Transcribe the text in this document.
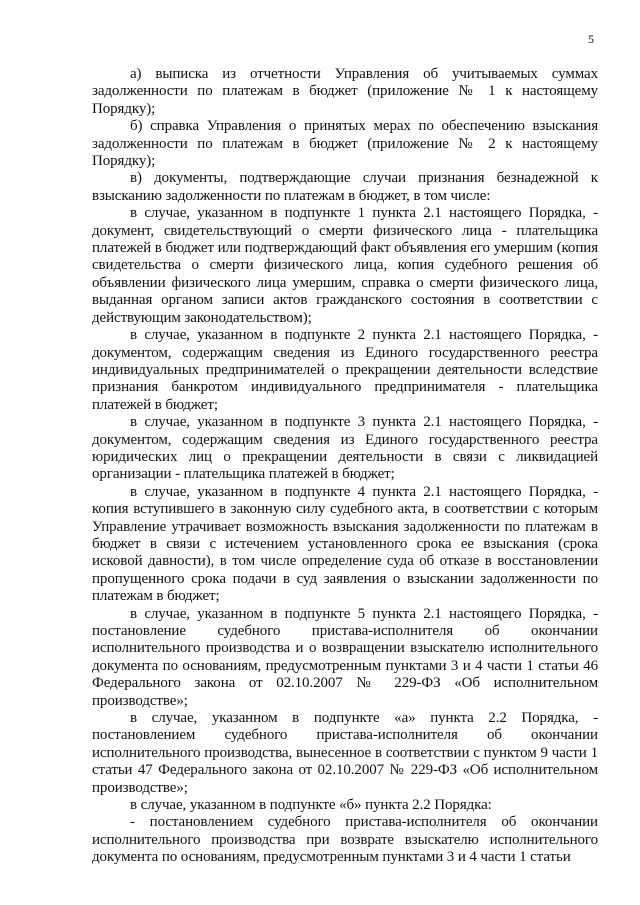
5

а) выписка из отчетности Управления об учитываемых суммах задолженности по платежам в бюджет (приложение № 1 к настоящему Порядку);

б) справка Управления о принятых мерах по обеспечению взыскания задолженности по платежам в бюджет (приложение № 2 к настоящему Порядку);

в) документы, подтверждающие случаи признания безнадежной к взысканию задолженности по платежам в бюджет, в том числе:

в случае, указанном в подпункте 1 пункта 2.1 настоящего Порядка, - документ, свидетельствующий о смерти физического лица - плательщика платежей в бюджет или подтверждающий факт объявления его умершим (копия свидетельства о смерти физического лица, копия судебного решения об объявлении физического лица умершим, справка о смерти физического лица, выданная органом записи актов гражданского состояния в соответствии с действующим законодательством);

в случае, указанном в подпункте 2 пункта 2.1 настоящего Порядка, - документом, содержащим сведения из Единого государственного реестра индивидуальных предпринимателей о прекращении деятельности вследствие признания банкротом индивидуального предпринимателя - плательщика платежей в бюджет;

в случае, указанном в подпункте 3 пункта 2.1 настоящего Порядка, - документом, содержащим сведения из Единого государственного реестра юридических лиц о прекращении деятельности в связи с ликвидацией организации - плательщика платежей в бюджет;

в случае, указанном в подпункте 4 пункта 2.1 настоящего Порядка, - копия вступившего в законную силу судебного акта, в соответствии с которым Управление утрачивает возможность взыскания задолженности по платежам в бюджет в связи с истечением установленного срока ее взыскания (срока исковой давности), в том числе определение суда об отказе в восстановлении пропущенного срока подачи в суд заявления о взыскании задолженности по платежам в бюджет;

в случае, указанном в подпункте 5 пункта 2.1 настоящего Порядка, - постановление судебного пристава-исполнителя об окончании исполнительного производства и о возвращении взыскателю исполнительного документа по основаниям, предусмотренным пунктами 3 и 4 части 1 статьи 46 Федерального закона от 02.10.2007 № 229-ФЗ «Об исполнительном производстве»;

в случае, указанном в подпункте «а» пункта 2.2 Порядка, - постановлением судебного пристава-исполнителя об окончании исполнительного производства, вынесенное в соответствии с пунктом 9 части 1 статьи 47 Федерального закона от 02.10.2007 № 229-ФЗ «Об исполнительном производстве»;

в случае, указанном в подпункте «б» пункта 2.2 Порядка:

- постановлением судебного пристава-исполнителя об окончании исполнительного производства при возврате взыскателю исполнительного документа по основаниям, предусмотренным пунктами 3 и 4 части 1 статьи
